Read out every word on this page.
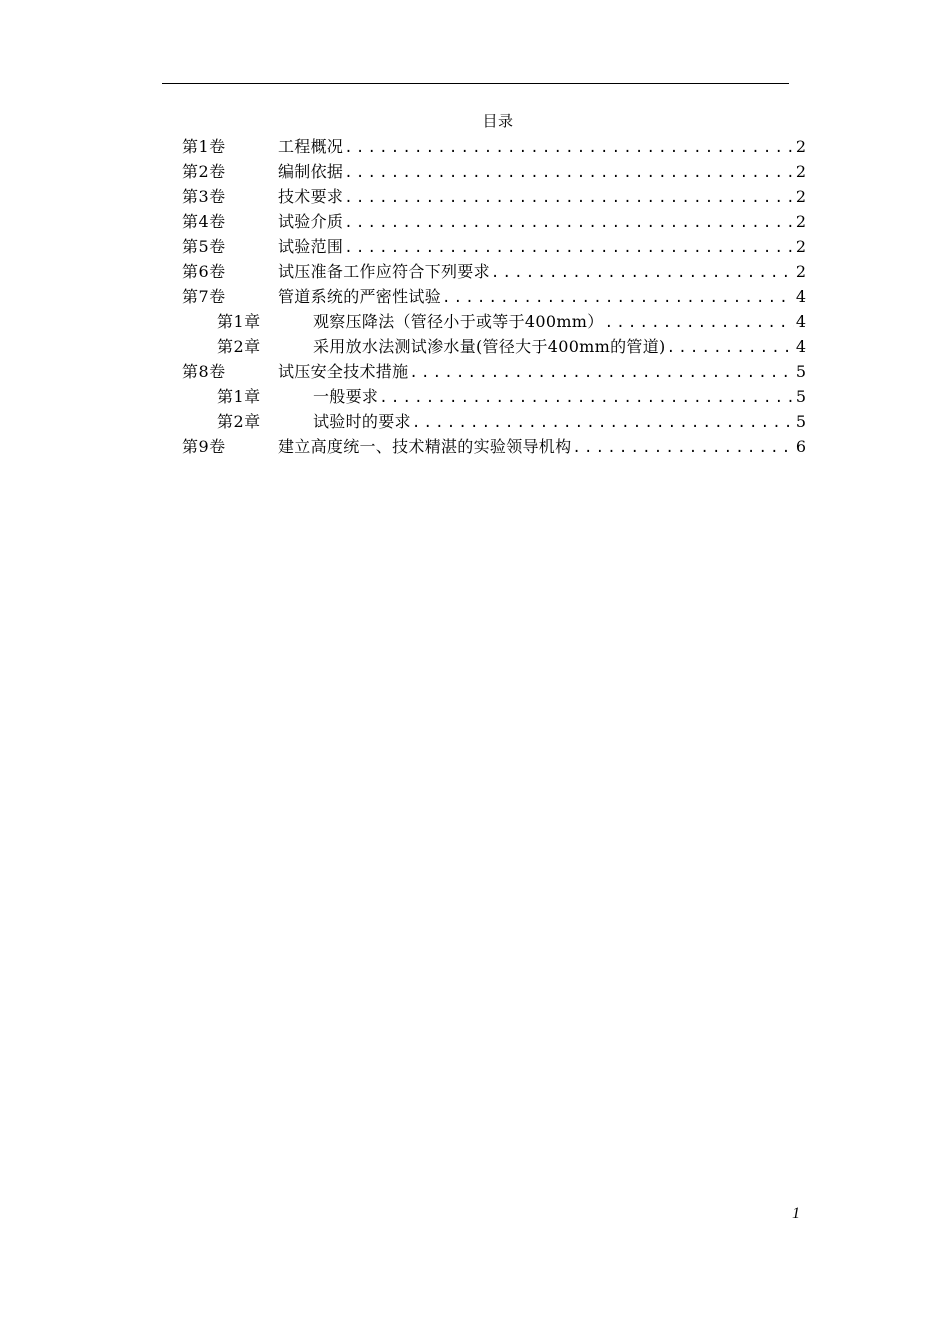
目录
第1卷	工程概况 .....	2
第2卷	编制依据 .....	2
第3卷	技术要求 .....	2
第4卷	试验介质 .....	2
第5卷	试验范围 .....	2
第6卷	试压准备工作应符合下列要求 .....	2
第7卷	管道系统的严密性试验 .....	4
第1章	观察压降法（管径小于或等于400mm） .....	4
第2章	采用放水法测试渗水量(管径大于400mm的管道) .....	4
第8卷	试压安全技术措施 .....	5
第1章	一般要求 .....	5
第2章	试验时的要求 .....	5
第9卷	建立高度统一、技术精湛的实验领导机构 .....	6
1
